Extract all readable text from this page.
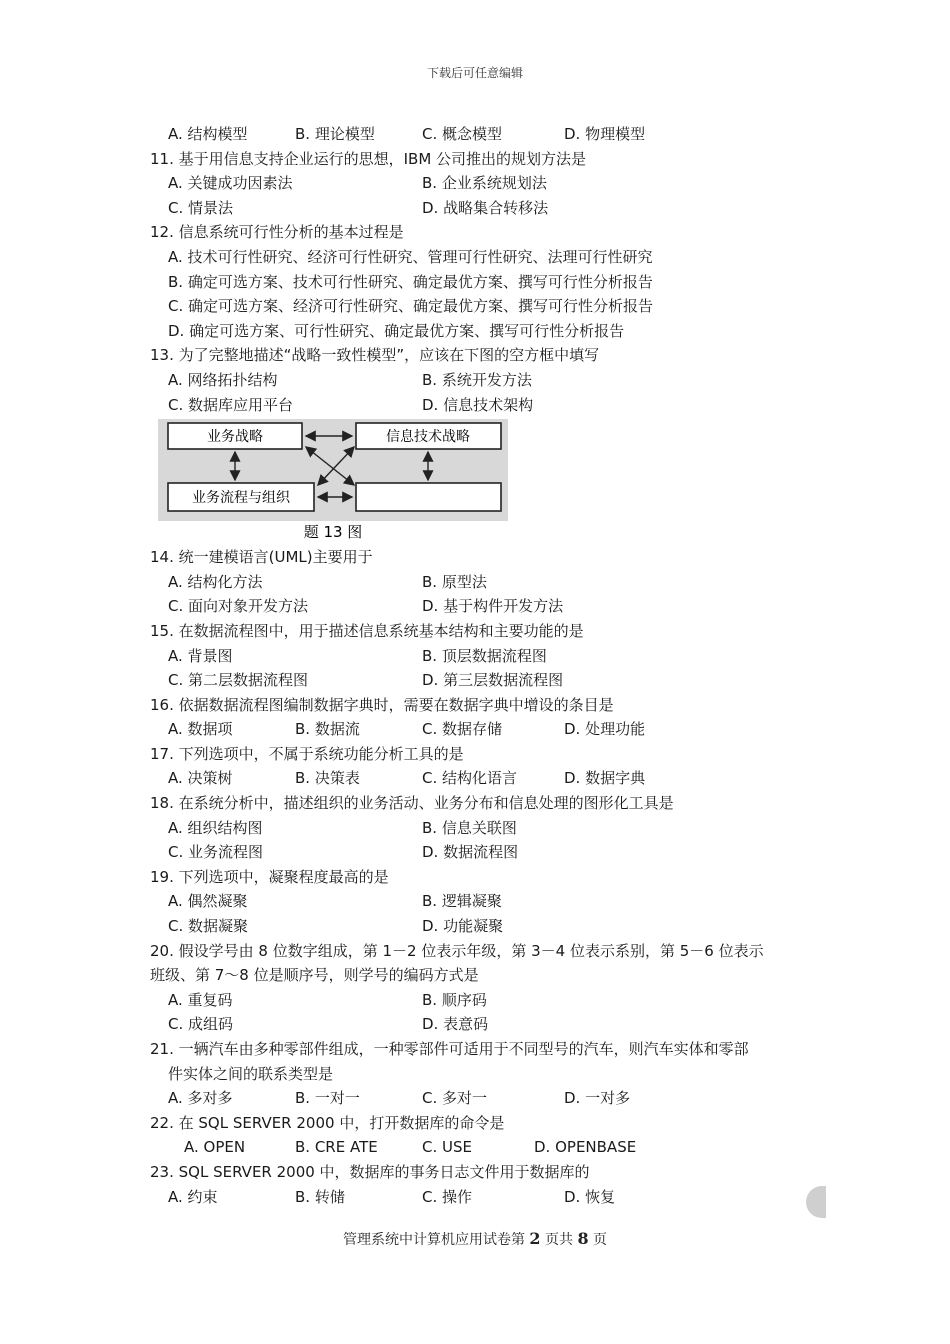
下载后可任意编辑
A. 结构模型	B. 理论模型	C. 概念模型	D. 物理模型
11. 基于用信息支持企业运行的思想，IBM 公司推出的规划方法是
A. 关键成功因素法	B. 企业系统规划法
C. 情景法	D. 战略集合转移法
12. 信息系统可行性分析的基本过程是
A. 技术可行性研究、经济可行性研究、管理可行性研究、法理可行性研究
B. 确定可选方案、技术可行性研究、确定最优方案、撰写可行性分析报告
C. 确定可选方案、经济可行性研究、确定最优方案、撰写可行性分析报告
D. 确定可选方案、可行性研究、确定最优方案、撰写可行性分析报告
13. 为了完整地描述“战略一致性模型”，应该在下图的空方框中填写
A. 网络拓扑结构	B. 系统开发方法
C. 数据库应用平台	D. 信息技术架构
业务战略	信息技术战略
业务流程与组织
题 13 图
14. 统一建模语言(UML)主要用于
A. 结构化方法	B. 原型法
C. 面向对象开发方法	D. 基于构件开发方法
15. 在数据流程图中，用于描述信息系统基本结构和主要功能的是
A. 背景图	B. 顶层数据流程图
C. 第二层数据流程图	D. 第三层数据流程图
16. 依据数据流程图编制数据字典时，需要在数据字典中增设的条目是
A. 数据项	B. 数据流	C. 数据存储	D. 处理功能
17. 下列选项中，不属于系统功能分析工具的是
A. 决策树	B. 决策表	C. 结构化语言	D. 数据字典
18. 在系统分析中，描述组织的业务活动、业务分布和信息处理的图形化工具是
A. 组织结构图	B. 信息关联图
C. 业务流程图	D. 数据流程图
19. 下列选项中，凝聚程度最高的是
A. 偶然凝聚	B. 逻辑凝聚
C. 数据凝聚	D. 功能凝聚
20. 假设学号由 8 位数字组成，第 1－2 位表示年级，第 3－4 位表示系别，第 5－6 位表示
班级、第 7～8 位是顺序号，则学号的编码方式是
A. 重复码	B. 顺序码
C. 成组码	D. 表意码
21. 一辆汽车由多种零部件组成，一种零部件可适用于不同型号的汽车，则汽车实体和零部
件实体之间的联系类型是
A. 多对多	B. 一对一	C. 多对一	D. 一对多
22. 在 SQL SERVER 2000 中，打开数据库的命令是
A. OPEN	B. CRE ATE	C. USE	D. OPENBASE
23. SQL SERVER 2000 中，数据库的事务日志文件用于数据库的
A. 约束	B. 转储	C. 操作	D. 恢复
管理系统中计算机应用试卷第 2 页共 8 页
